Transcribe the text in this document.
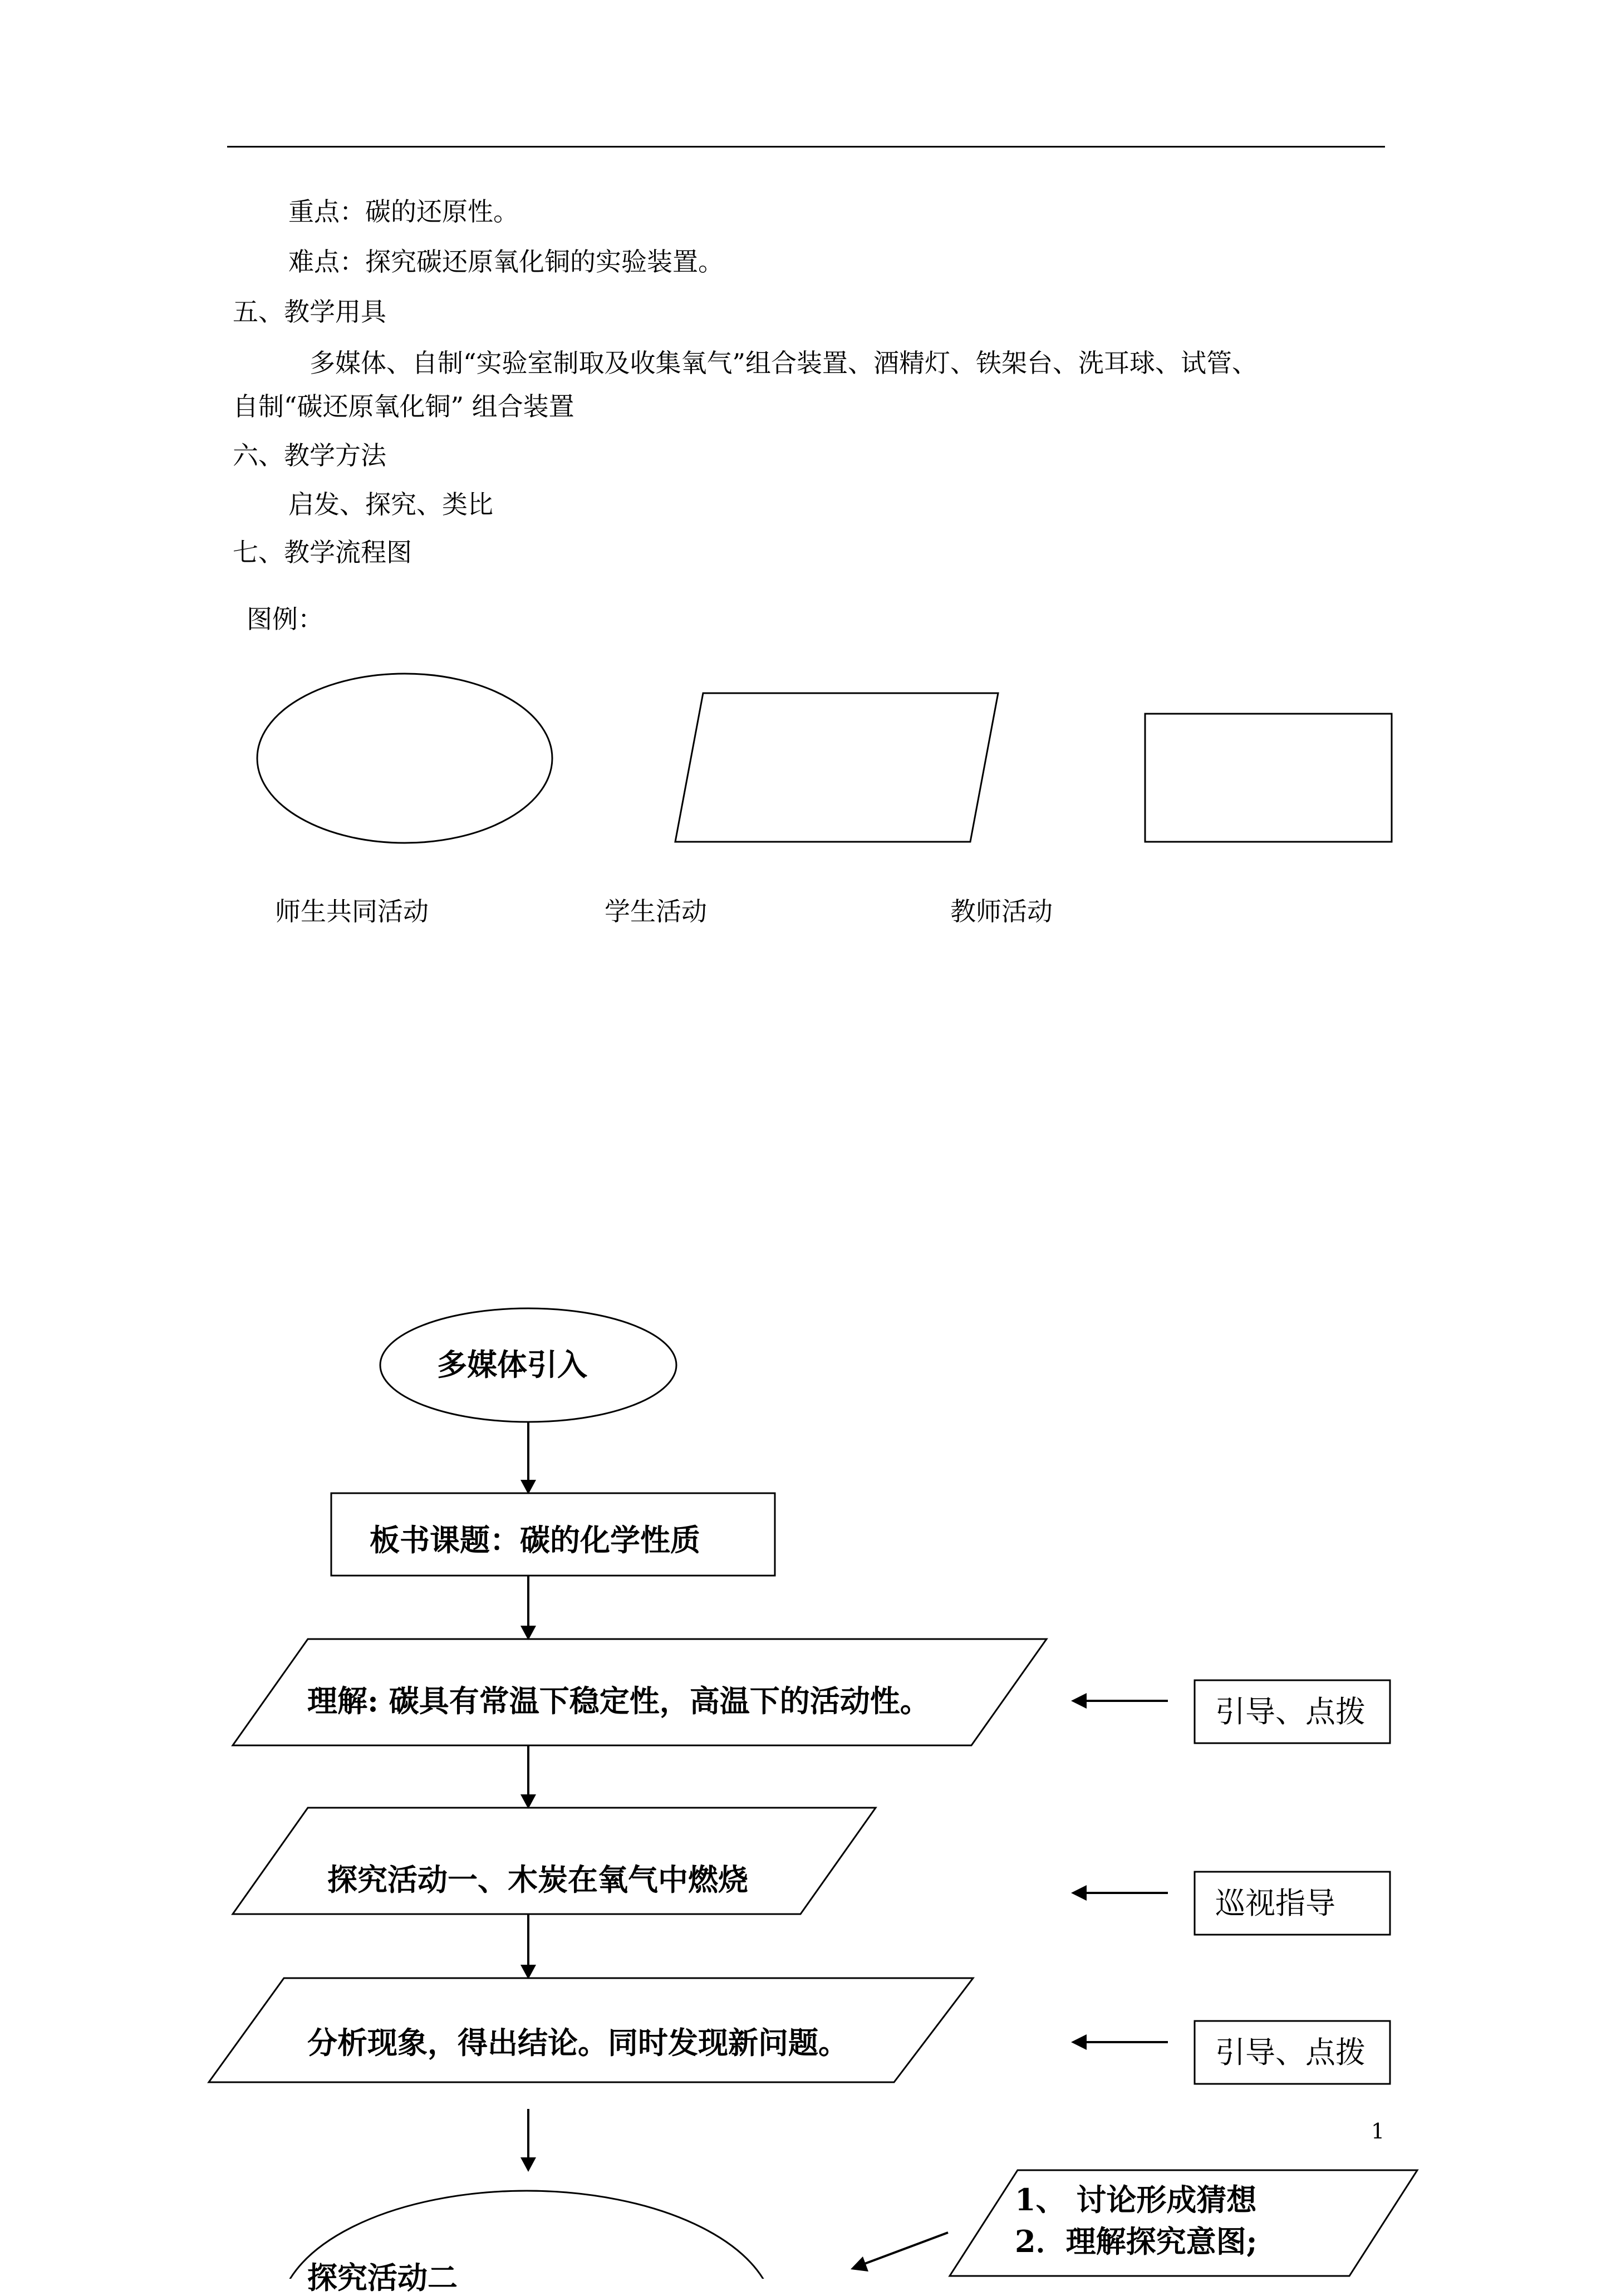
重点：碳的还原性。
难点：探究碳还原氧化铜的实验装置。
五、教学用具
多媒体、自制“实验室制取及收集氧气”组合装置、酒精灯、铁架台、洗耳球、试管、
自制“碳还原氧化铜” 组合装置
六、教学方法
启发、探究、类比
七、教学流程图
图例：
师生共同活动	学生活动	教师活动
多媒体引入
板书课题：碳的化学性质
理解: 碳具有常温下稳定性，高温下的活动性。
探究活动一、木炭在氧气中燃烧
分析现象，得出结论。同时发现新问题。
探究活动二
1、 讨论形成猜想
2．理解探究意图;
引导、点拨
巡视指导
引导、点拨
1
